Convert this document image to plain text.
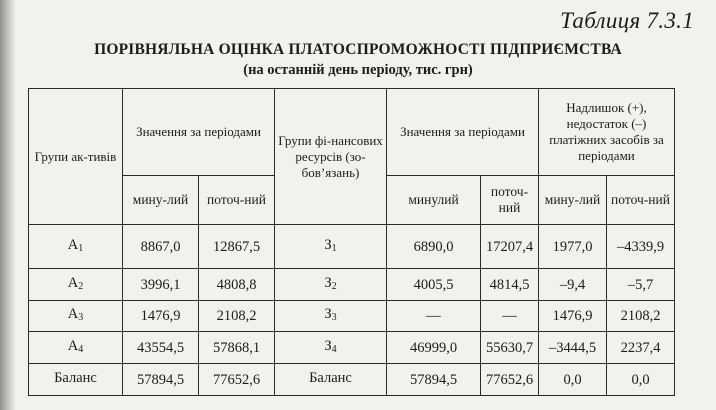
Таблиця 7.3.1
ПОРІВНЯЛЬНА ОЦІНКА ПЛАТОСПРОМОЖНОСТІ ПІДПРИЄМСТВА
(на останній день періоду, тис. грн)
Групи ак-тивів	Значення за періодами		Групи фі-нансових ресурсів (зо-бов’язань)	Значення за періодами		Надлишок (+), недостаток (–) платіжних засобів за періодами	
	мину-лий	поточ-ний		минулий	поточ-ний	мину-лий	поточ-ний
$A_1$	8867,0	12867,5	$З_1$	6890,0	17207,4	1977,0	–4339,9
$A_2$	3996,1	4808,8	$З_2$	4005,5	4814,5	–9,4	–5,7
$A_3$	1476,9	2108,2	$З_3$	—	—	1476,9	2108,2
$A_4$	43554,5	57868,1	$З_4$	46999,0	55630,7	–3444,5	2237,4
Баланс	57894,5	77652,6	Баланс	57894,5	77652,6	0,0	0,0
